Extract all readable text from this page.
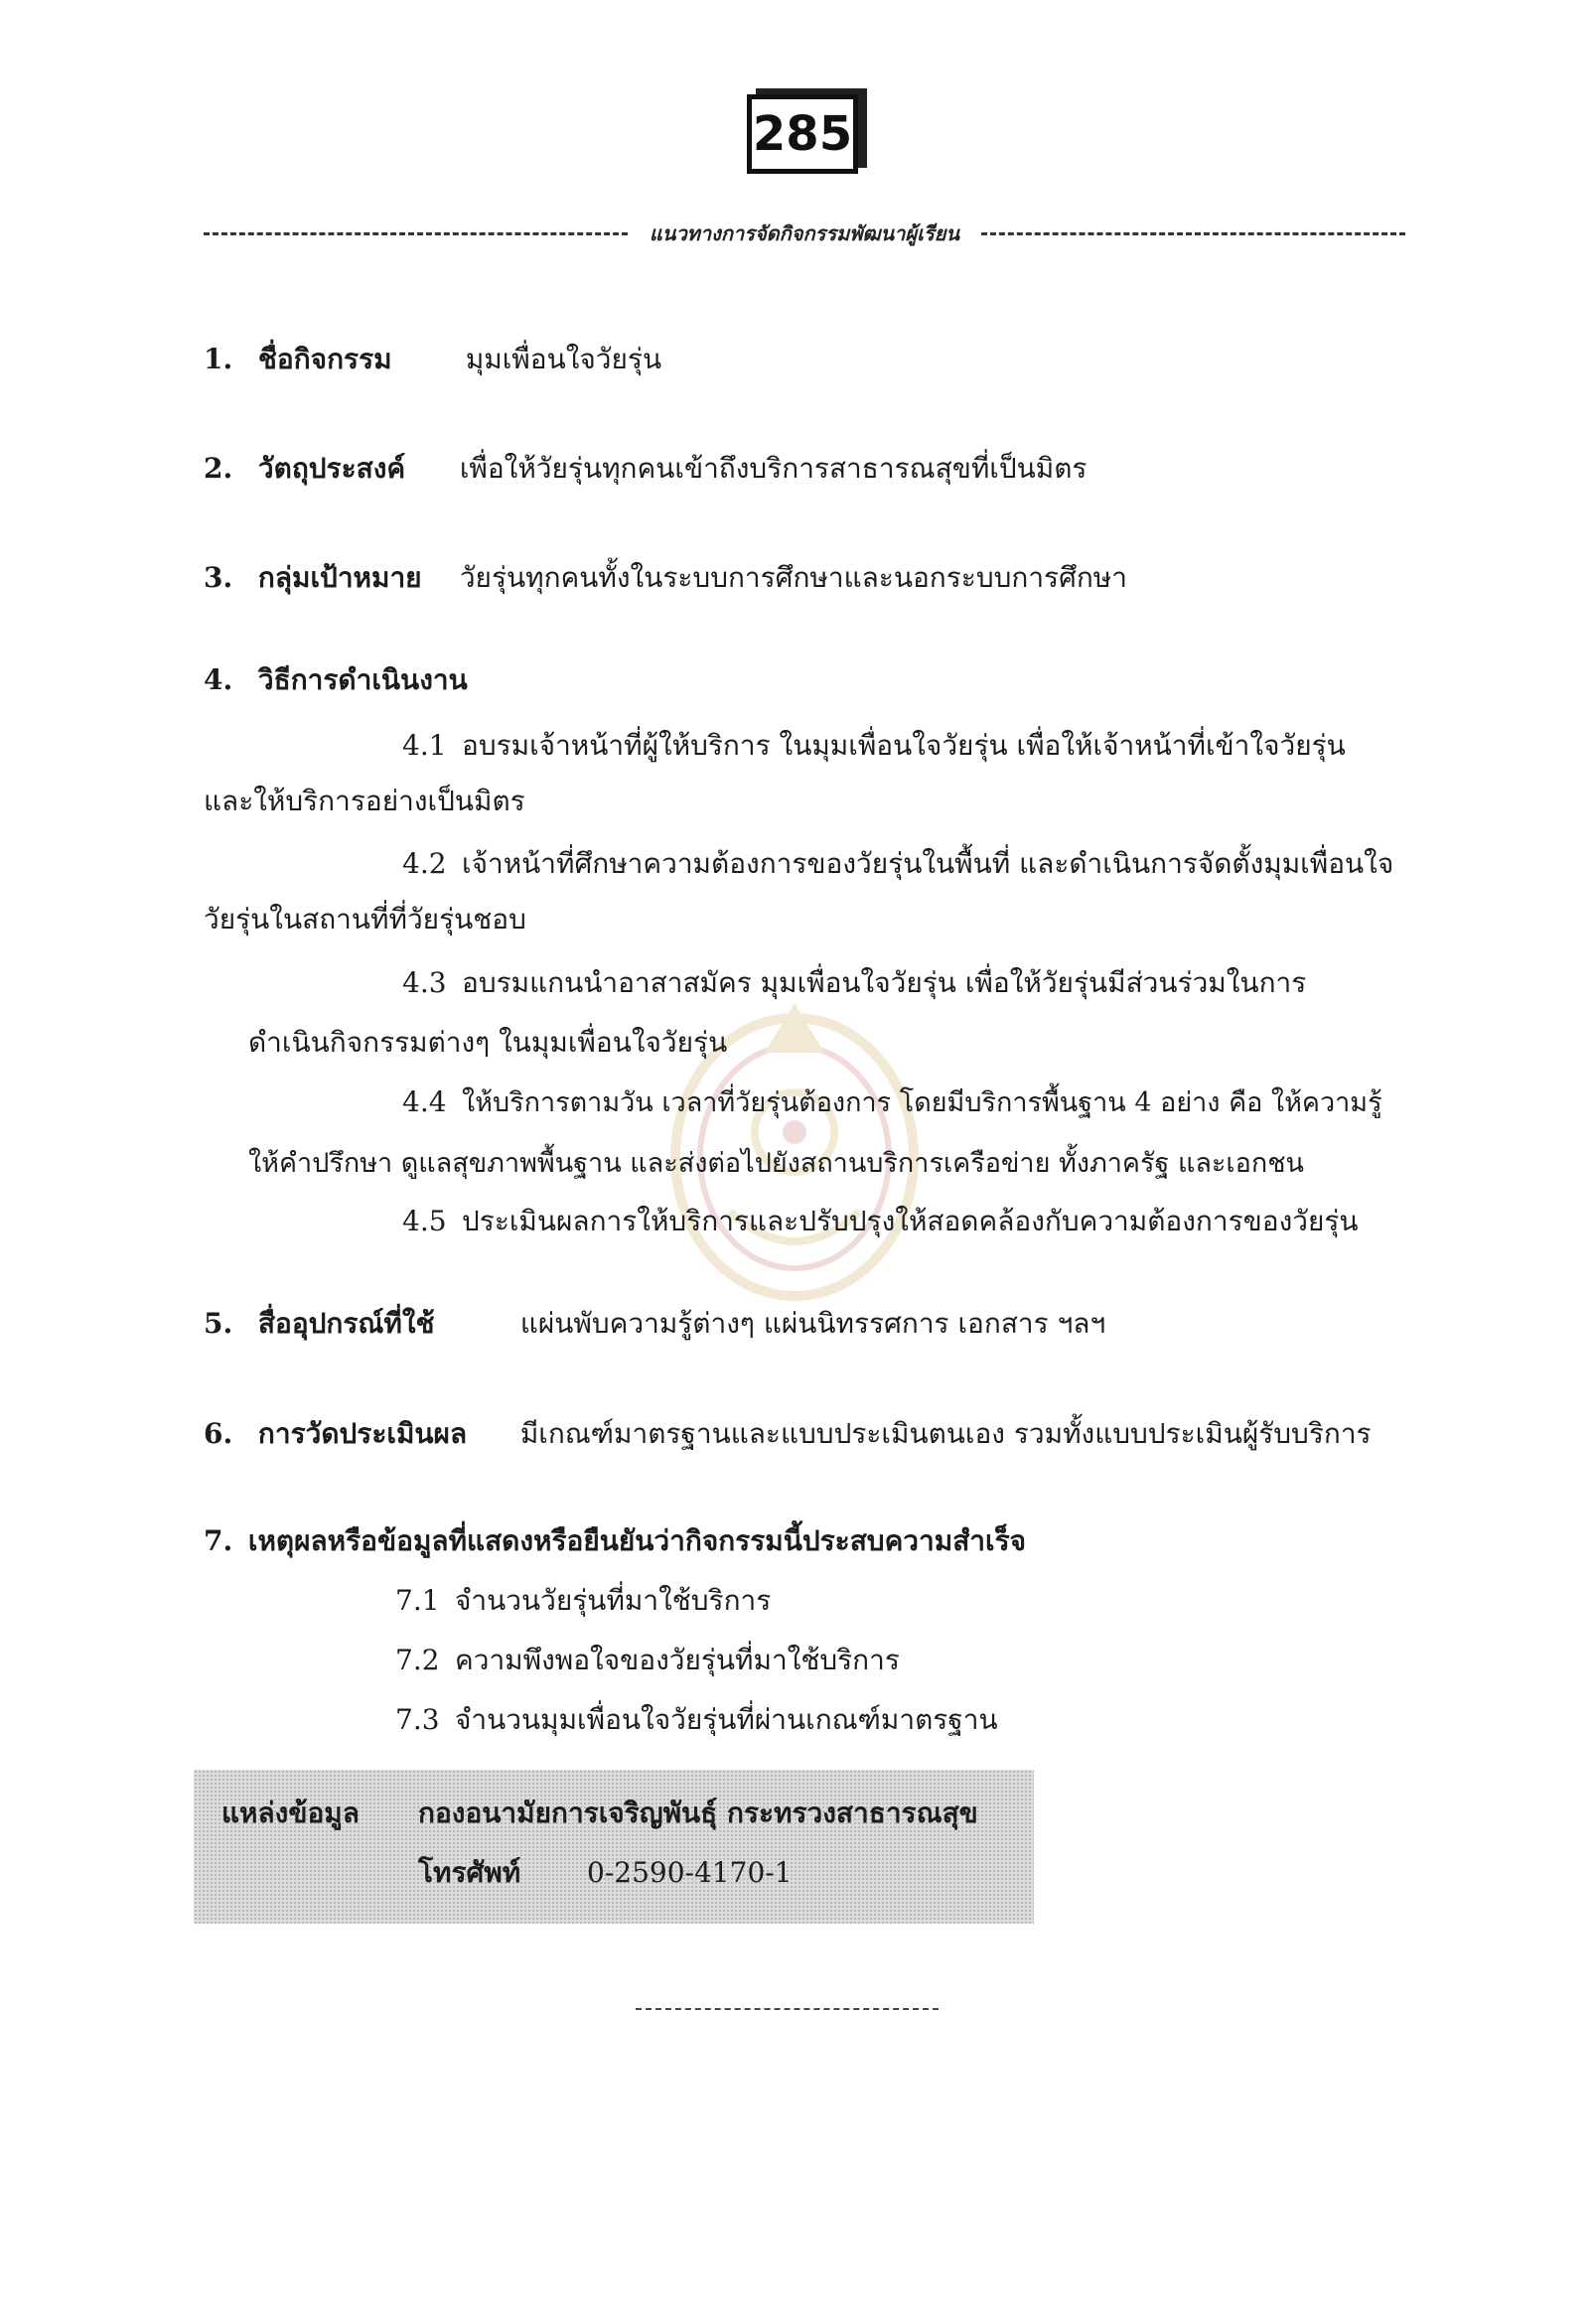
285
แนวทางการจัดกิจกรรมพัฒนาผู้เรียน
1. ชื่อกิจกรรม	มุมเพื่อนใจวัยรุ่น
2. วัตถุประสงค์ เพื่อให้วัยรุ่นทุกคนเข้าถึงบริการสาธารณสุขที่เป็นมิตร
3. กลุ่มเป้าหมาย วัยรุ่นทุกคนทั้งในระบบการศึกษาและนอกระบบการศึกษา
4. วิธีการดำเนินงาน
4.1 อบรมเจ้าหน้าที่ผู้ให้บริการ ในมุมเพื่อนใจวัยรุ่น เพื่อให้เจ้าหน้าที่เข้าใจวัยรุ่น
และให้บริการอย่างเป็นมิตร
4.2 เจ้าหน้าที่ศึกษาความต้องการของวัยรุ่นในพื้นที่ และดำเนินการจัดตั้งมุมเพื่อนใจ
วัยรุ่นในสถานที่ที่วัยรุ่นชอบ
4.3 อบรมแกนนำอาสาสมัคร มุมเพื่อนใจวัยรุ่น เพื่อให้วัยรุ่นมีส่วนร่วมในการ
ดำเนินกิจกรรมต่างๆ ในมุมเพื่อนใจวัยรุ่น
4.4 ให้บริการตามวัน เวลาที่วัยรุ่นต้องการ โดยมีบริการพื้นฐาน 4 อย่าง คือ ให้ความรู้
ให้คำปรึกษา ดูแลสุขภาพพื้นฐาน และส่งต่อไปยังสถานบริการเครือข่าย ทั้งภาครัฐ และเอกชน
4.5 ประเมินผลการให้บริการและปรับปรุงให้สอดคล้องกับความต้องการของวัยรุ่น
5. สื่ออุปกรณ์ที่ใช้	แผ่นพับความรู้ต่างๆ แผ่นนิทรรศการ เอกสาร ฯลฯ
6. การวัดประเมินผล มีเกณฑ์มาตรฐานและแบบประเมินตนเอง รวมทั้งแบบประเมินผู้รับบริการ
7. เหตุผลหรือข้อมูลที่แสดงหรือยืนยันว่ากิจกรรมนี้ประสบความสำเร็จ
7.1 จำนวนวัยรุ่นที่มาใช้บริการ
7.2 ความพึงพอใจของวัยรุ่นที่มาใช้บริการ
7.3 จำนวนมุมเพื่อนใจวัยรุ่นที่ผ่านเกณฑ์มาตรฐาน
แหล่งข้อมูล กองอนามัยการเจริญพันธุ์ กระทรวงสาธารณสุข
โทรศัพท์ 0-2590-4170-1
